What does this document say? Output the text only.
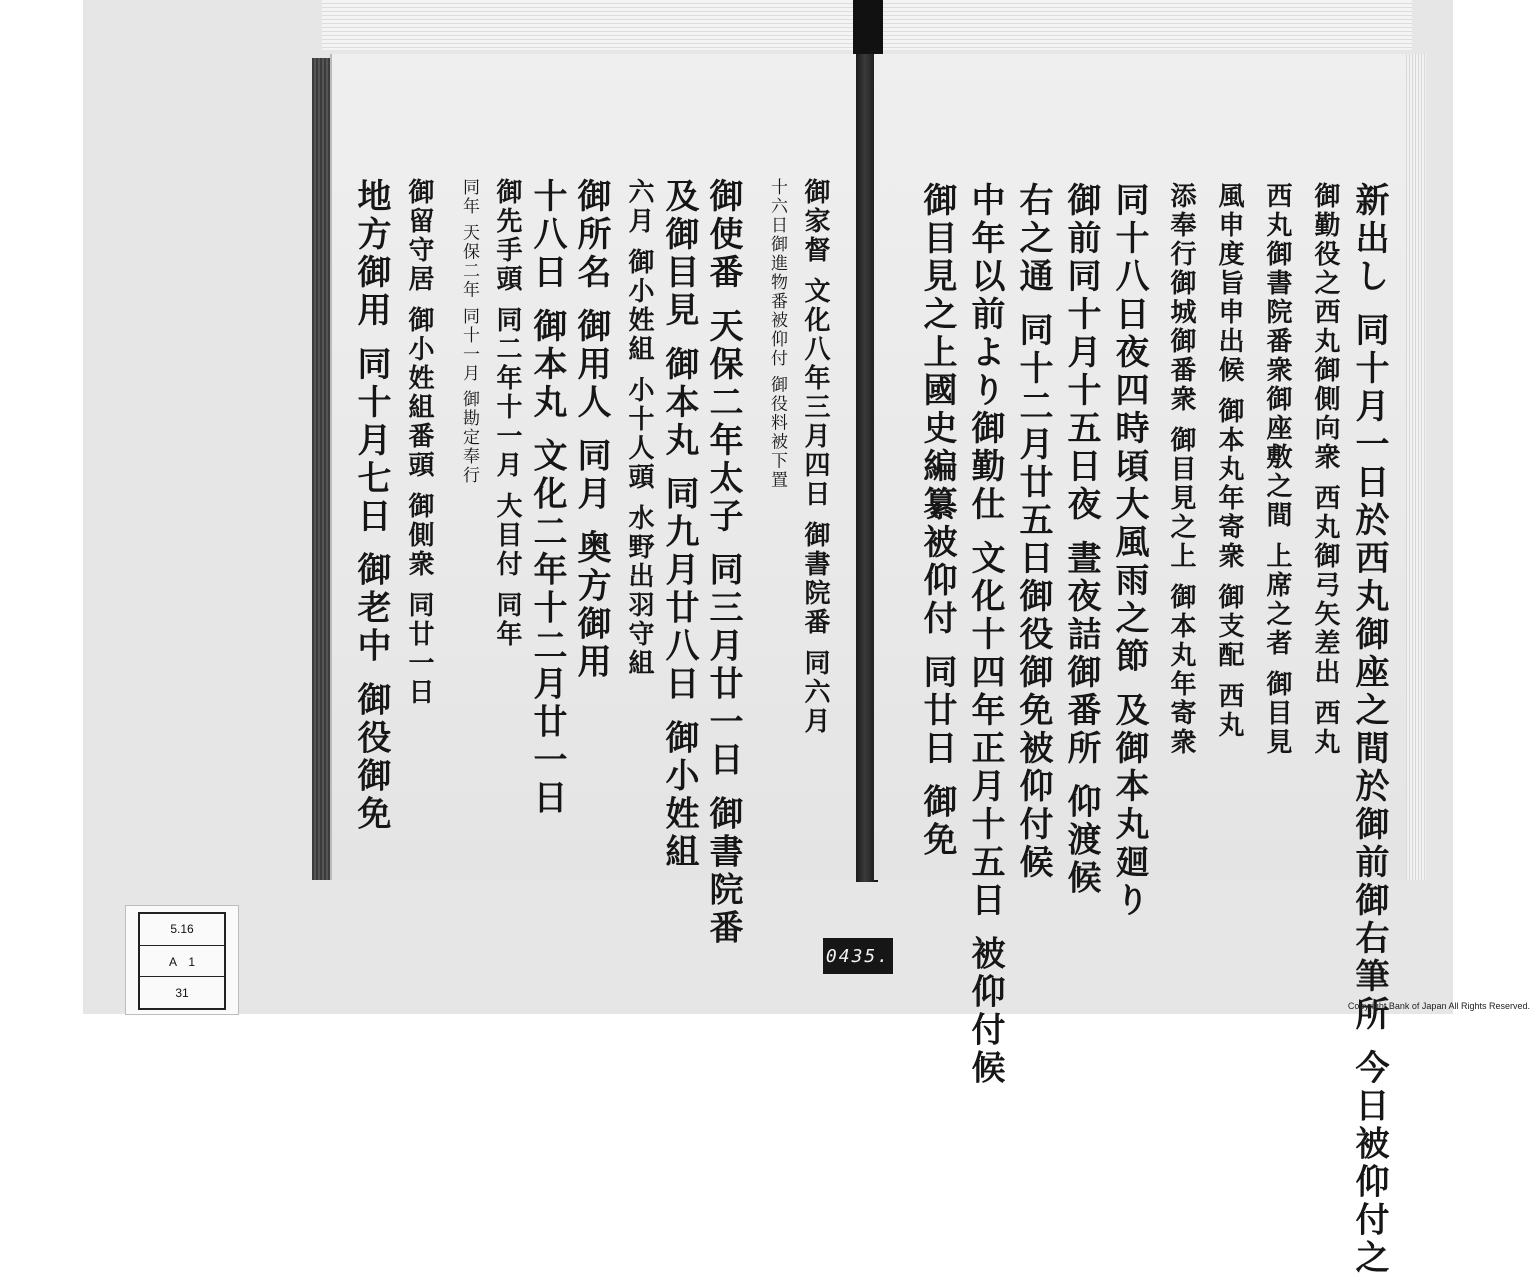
御家督 文化八年三月四日 御書院番 同六月
十六日御進物番被仰付 御役料被下置
御使番 天保二年太子 同三月廿一日 御書院番
及御目見 御本丸 同九月廿八日 御小姓組
六月 御小姓組 小十人頭 水野出羽守組
御所名 御用人 同月 奥方御用
十八日 御本丸 文化二年十二月廿一日
御先手頭 同二年十一月 大目付 同年
同年 天保二年 同十一月 御勘定奉行
御留守居 御小姓組番頭 御側衆 同廿一日
地方御用 同十月七日 御老中 御役御免	新出し 同十月一日於西丸御座之間於御前御右筆所 今日被仰付之
御勤役之西丸御側向衆 西丸御弓矢差出 西丸
西丸御書院番衆御座敷之間 上席之者 御目見
風申度旨申出候 御本丸年寄衆 御支配 西丸
添奉行御城御番衆 御目見之上 御本丸年寄衆
同十八日夜四時頃大風雨之節 及御本丸廻り
御前同十月十五日夜 晝夜詰御番所 仰渡候
右之通 同十二月廿五日御役御免被仰付候
中年以前より御勤仕 文化十四年正月十五日 被仰付候
御目見之上國史編纂被仰付 同廿日 御免
5.16
A　1
31
0435.
Copyright Bank of Japan All Rights Reserved.
